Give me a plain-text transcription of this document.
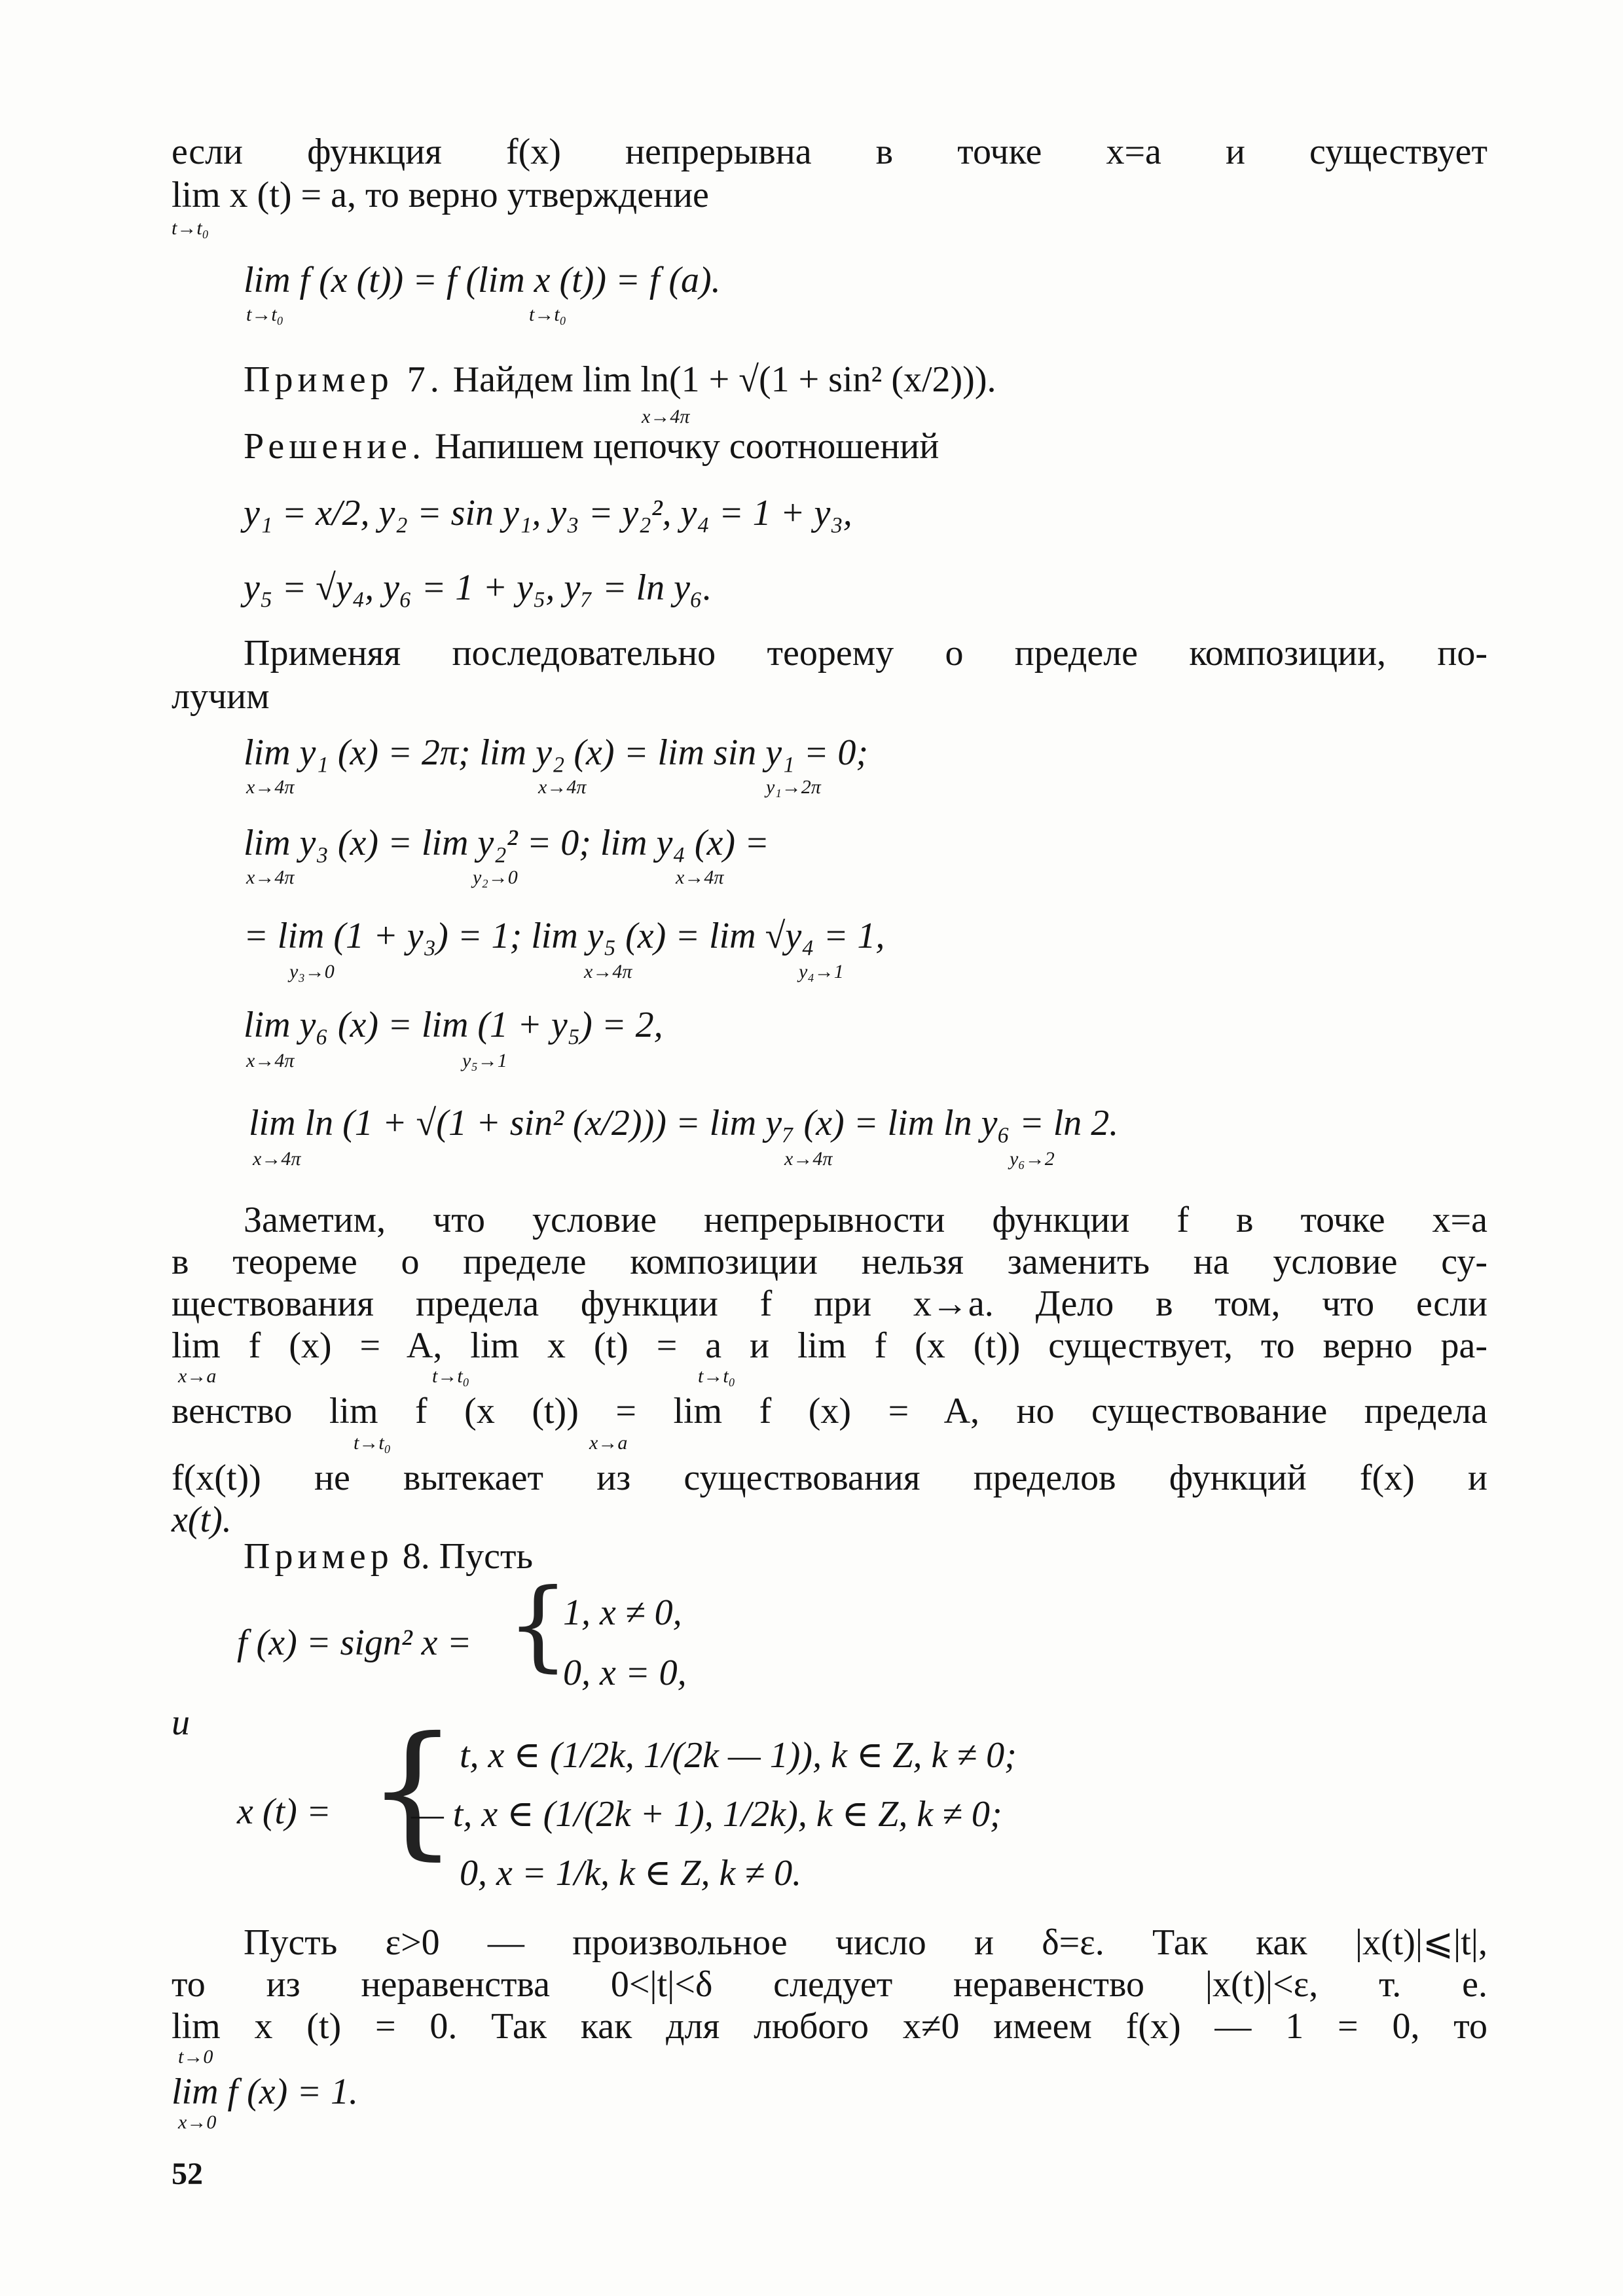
если функция f(x) непрерывна в точке x=a и существует
lim x (t) = a, то верно утверждение
t→t₀
lim f (x (t)) = f (lim x (t)) = f (a).
t→t₀	t→t₀
Пример 7. Найдем lim ln(1 + √(1 + sin² (x/2))).
x→4π
Решение. Напишем цепочку соотношений
y₁ = x/2, y₂ = sin y₁, y₃ = y₂², y₄ = 1 + y₃,
y₅ = √y₄, y₆ = 1 + y₅, y₇ = ln y₆.
Применяя последовательно теорему о пределе композиции, по-
лучим
lim y₁ (x) = 2π; lim y₂ (x) = lim sin y₁ = 0;
x→4π	x→4π	y₁→2π
lim y₃ (x) = lim y₂² = 0; lim y₄ (x) =
x→4π	y₂→0	x→4π
= lim (1 + y₃) = 1; lim y₅ (x) = lim √y₄ = 1,
y₃→0	x→4π	y₄→1
lim y₆ (x) = lim (1 + y₅) = 2,
x→4π	y₅→1
lim ln (1 + √(1 + sin² (x/2))) = lim y₇ (x) = lim ln y₆ = ln 2.
x→4π	x→4π	y₆→2
Заметим, что условие непрерывности функции f в точке x=a
в теореме о пределе композиции нельзя заменить на условие су-
ществования предела функции f при x→a. Дело в том, что если
lim f (x) = A, lim x (t) = a и lim f (x (t)) существует, то верно ра-
x→a	t→t₀	t→t₀
венство lim f (x (t)) = lim f (x) = A, но существование предела
t→t₀	x→a
f(x(t)) не вытекает из существования пределов функций f(x) и
x(t).
Пример 8. Пусть
f (x) = sign² x = {
1, x ≠ 0,
0, x = 0,
и
x (t) = { t, x ∈ (1/2k, 1/(2k — 1)), k ∈ Z, k ≠ 0;
— t, x ∈ (1/(2k + 1), 1/2k), k ∈ Z, k ≠ 0;
0, x = 1/k, k ∈ Z, k ≠ 0.
Пусть ε>0 — произвольное число и δ=ε. Так как |x(t)|⩽|t|,
то из неравенства 0<|t|<δ следует неравенство |x(t)|<ε, т. е.
lim x (t) = 0. Так как для любого x≠0 имеем f(x) — 1 = 0, то
t→0
lim f (x) = 1.
x→0
52
